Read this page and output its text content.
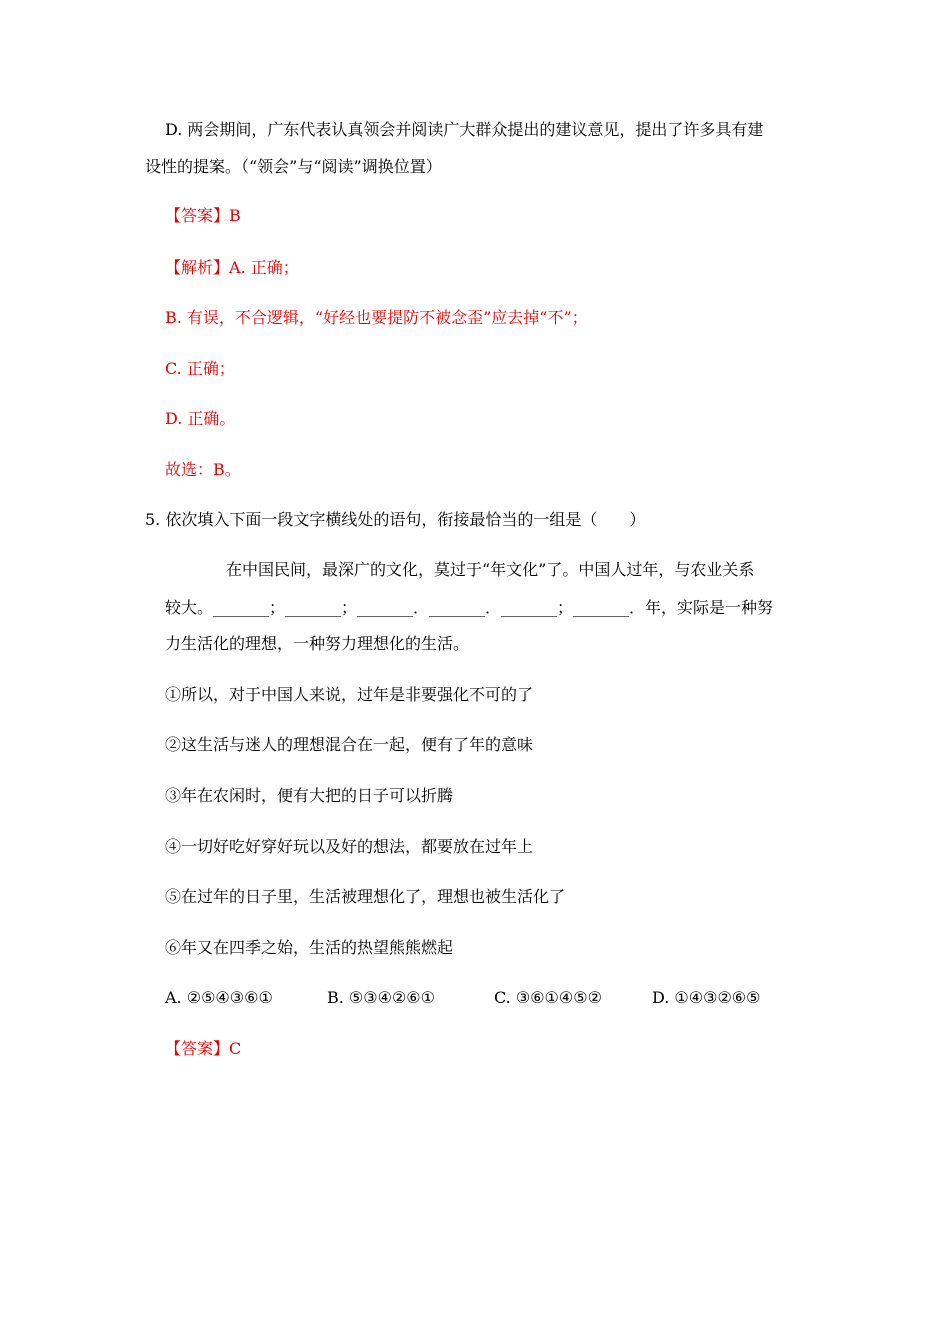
D. 两会期间，广东代表认真领会并阅读广大群众提出的建议意见，提出了许多具有建

设性的提案。（“领会”与“阅读”调换位置）

【答案】B

【解析】A. 正确；

B. 有误，不合逻辑，“好经也要提防不被念歪”应去掉“不”；

C. 正确；

D. 正确。

故选：B。

5. 依次填入下面一段文字横线处的语句，衔接最恰当的一组是（　　）

在中国民间，最深广的文化，莫过于“年文化”了。中国人过年，与农业关系

较大。_______；_______；_______．_______．_______；_______．年，实际是一种努

力生活化的理想，一种努力理想化的生活。

①所以，对于中国人来说，过年是非要强化不可的了

②这生活与迷人的理想混合在一起，便有了年的意味

③年在农闲时，便有大把的日子可以折腾

④一切好吃好穿好玩以及好的想法，都要放在过年上

⑤在过年的日子里，生活被理想化了，理想也被生活化了

⑥年又在四季之始，生活的热望熊熊燃起

A. ②⑤④③⑥①	B. ⑤③④②⑥①	C. ③⑥①④⑤②	D. ①④③②⑥⑤

【答案】C
